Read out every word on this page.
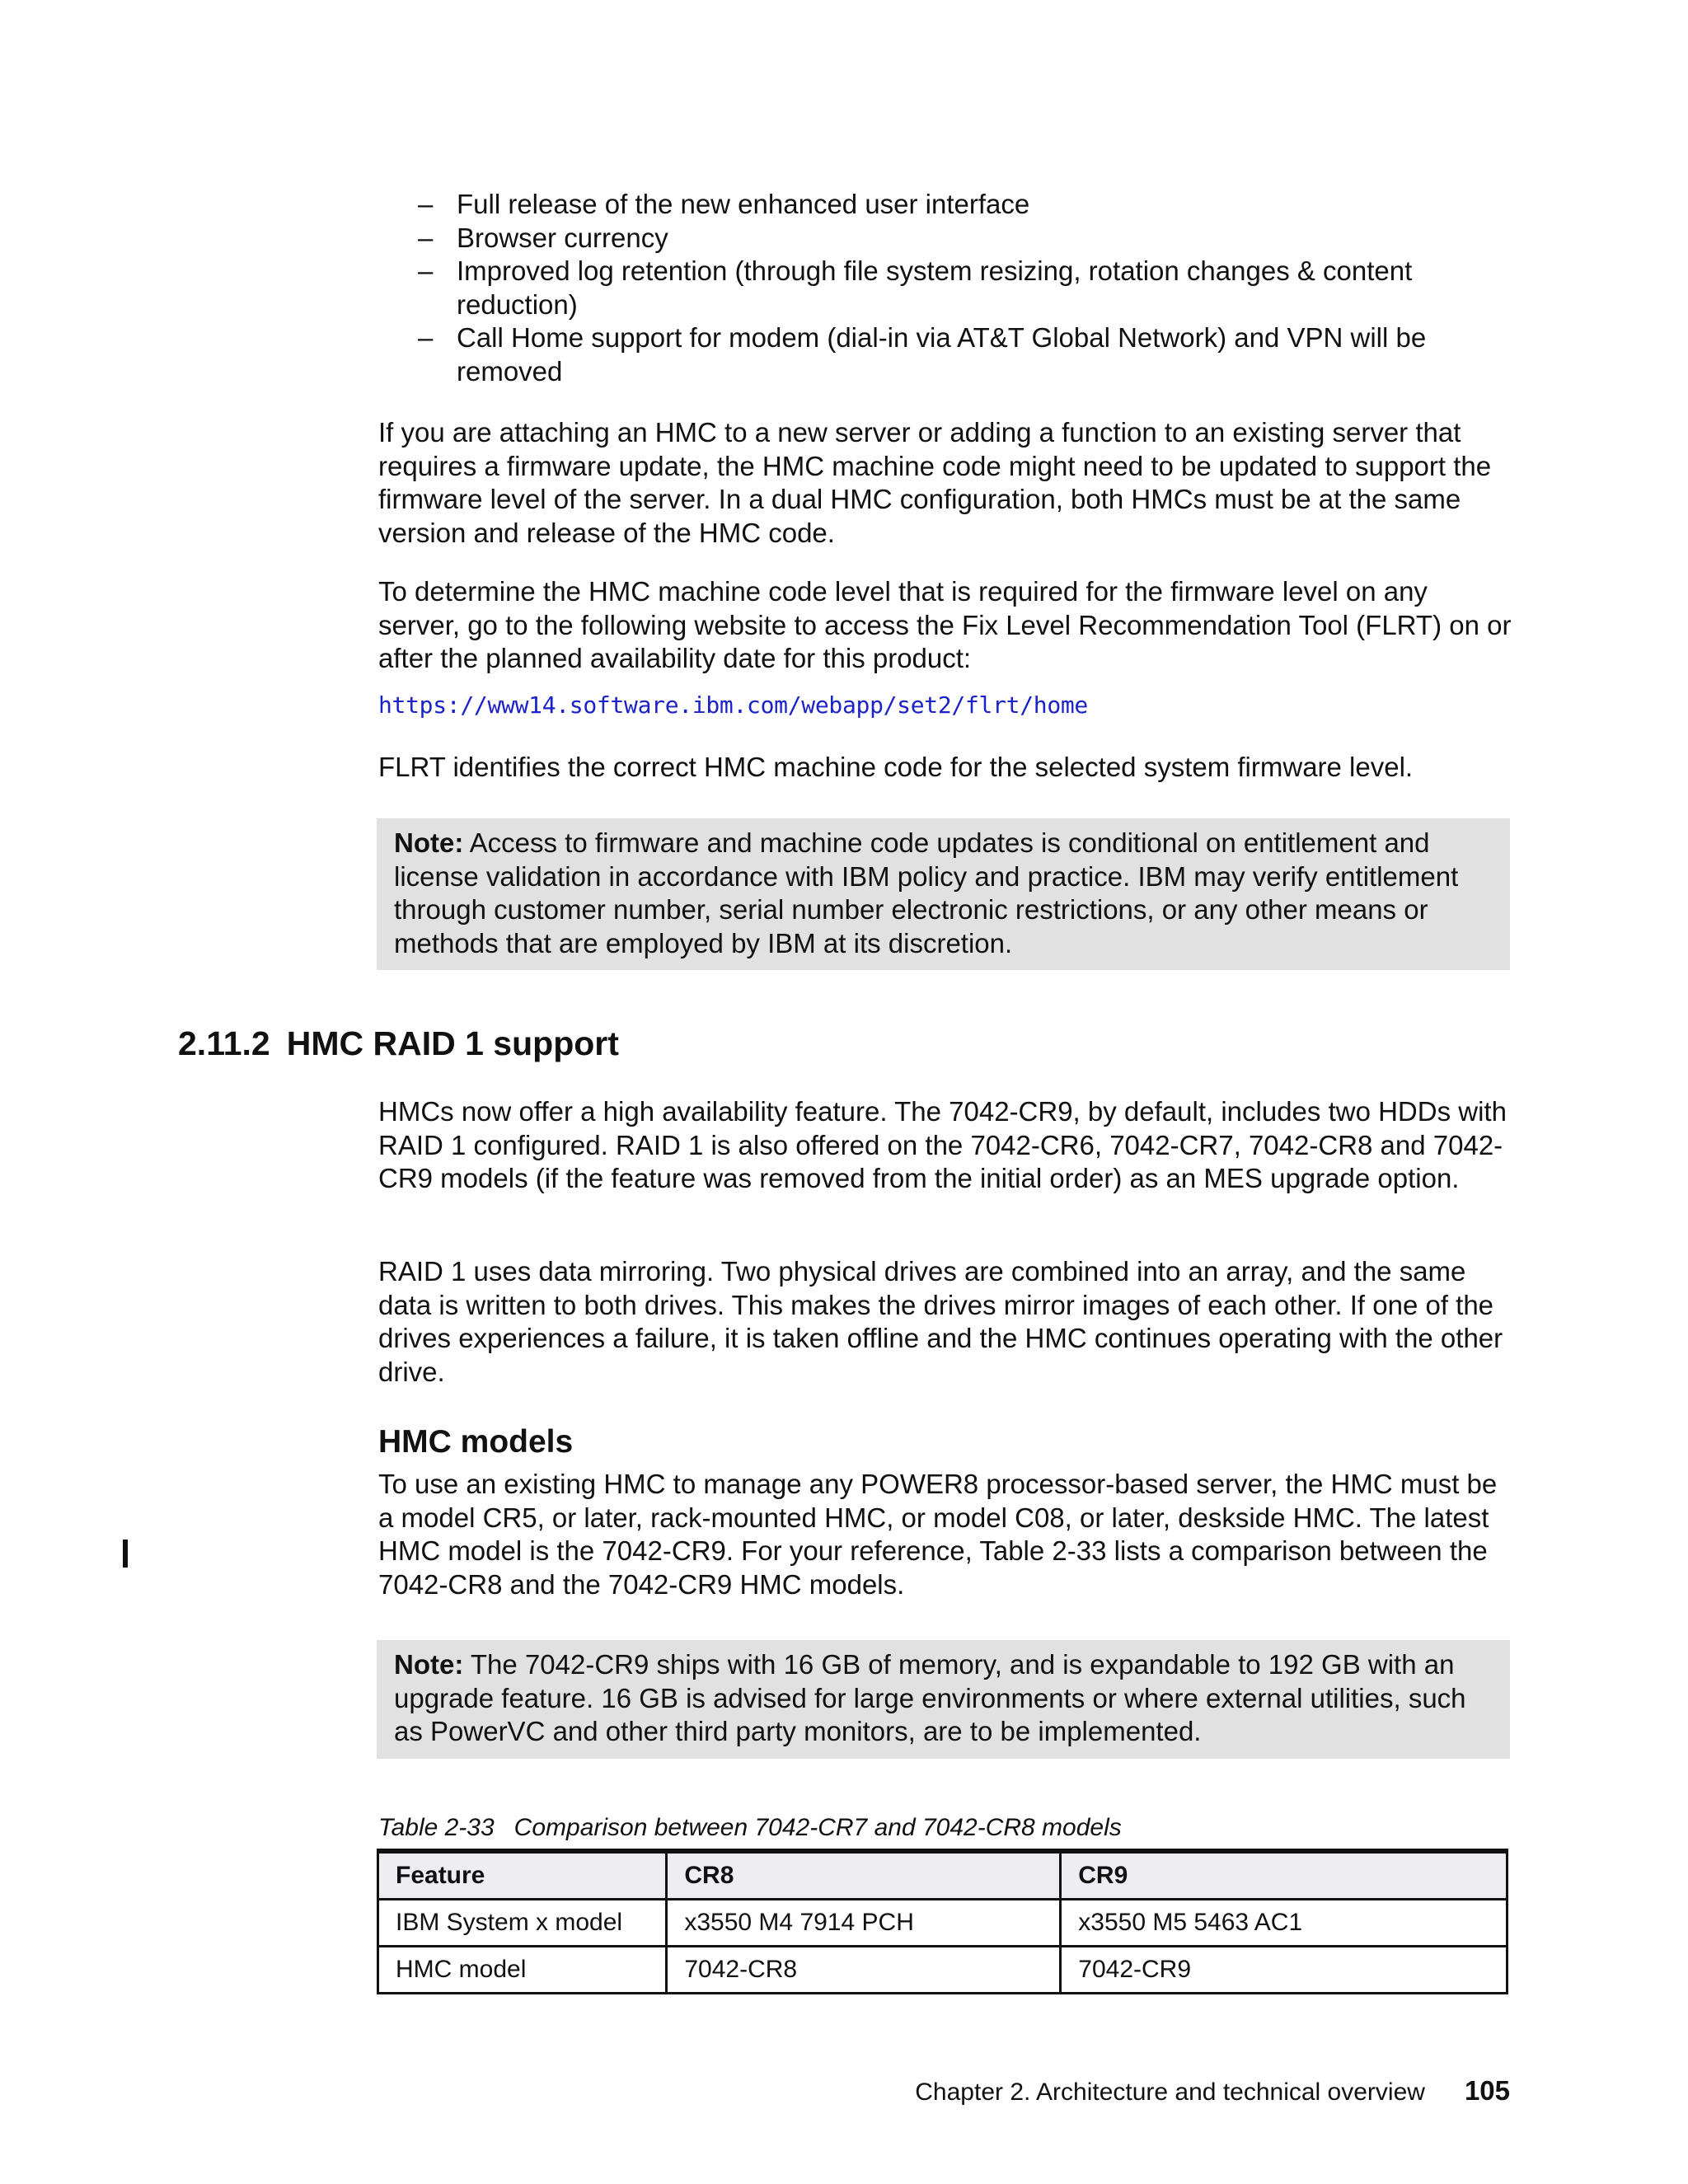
– Full release of the new enhanced user interface
– Browser currency
– Improved log retention (through file system resizing, rotation changes & content reduction)
– Call Home support for modem (dial-in via AT&T Global Network) and VPN will be removed

If you are attaching an HMC to a new server or adding a function to an existing server that requires a firmware update, the HMC machine code might need to be updated to support the firmware level of the server. In a dual HMC configuration, both HMCs must be at the same version and release of the HMC code.

To determine the HMC machine code level that is required for the firmware level on any server, go to the following website to access the Fix Level Recommendation Tool (FLRT) on or after the planned availability date for this product:

https://www14.software.ibm.com/webapp/set2/flrt/home

FLRT identifies the correct HMC machine code for the selected system firmware level.

Note: Access to firmware and machine code updates is conditional on entitlement and license validation in accordance with IBM policy and practice. IBM may verify entitlement through customer number, serial number electronic restrictions, or any other means or methods that are employed by IBM at its discretion.
2.11.2 HMC RAID 1 support

HMCs now offer a high availability feature. The 7042-CR9, by default, includes two HDDs with RAID 1 configured. RAID 1 is also offered on the 7042-CR6, 7042-CR7, 7042-CR8 and 7042-CR9 models (if the feature was removed from the initial order) as an MES upgrade option.

RAID 1 uses data mirroring. Two physical drives are combined into an array, and the same data is written to both drives. This makes the drives mirror images of each other. If one of the drives experiences a failure, it is taken offline and the HMC continues operating with the other drive.

HMC models

To use an existing HMC to manage any POWER8 processor-based server, the HMC must be a model CR5, or later, rack-mounted HMC, or model C08, or later, deskside HMC. The latest HMC model is the 7042-CR9. For your reference, Table 2-33 lists a comparison between the 7042-CR8 and the 7042-CR9 HMC models.

Note: The 7042-CR9 ships with 16 GB of memory, and is expandable to 192 GB with an upgrade feature. 16 GB is advised for large environments or where external utilities, such as PowerVC and other third party monitors, are to be implemented.
Table 2-33 Comparison between 7042-CR7 and 7042-CR8 models
Feature	CR8	CR9
IBM System x model	x3550 M4 7914 PCH	x3550 M5 5463 AC1
HMC model	7042-CR8	7042-CR9
Chapter 2. Architecture and technical overview 105
